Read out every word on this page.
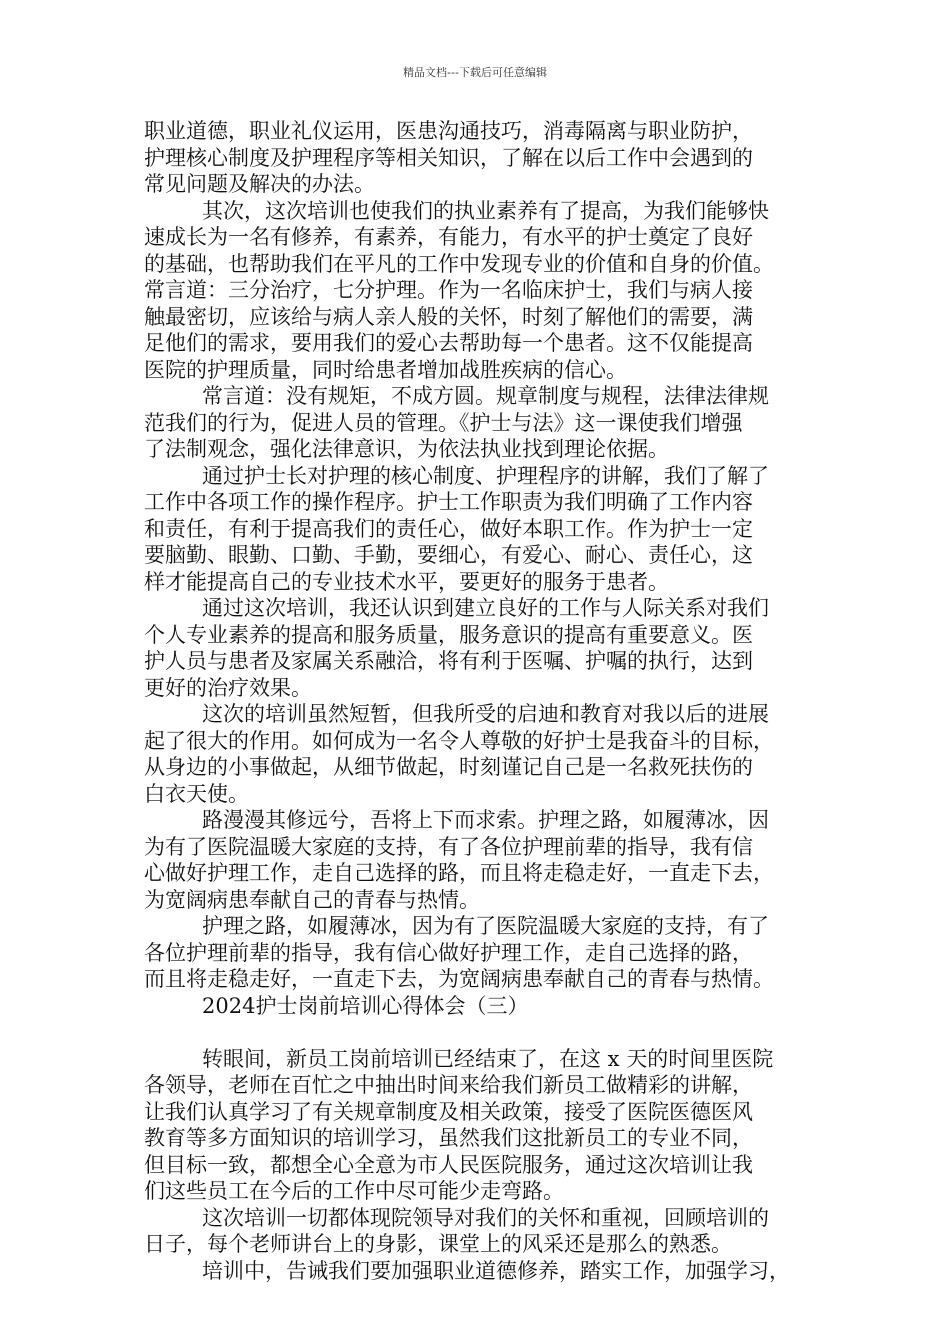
精品文档---下载后可任意编辑
职业道德，职业礼仪运用，医患沟通技巧，消毒隔离与职业防护，
护理核心制度及护理程序等相关知识，了解在以后工作中会遇到的
常见问题及解决的办法。
其次，这次培训也使我们的执业素养有了提高，为我们能够快
速成长为一名有修养，有素养，有能力，有水平的护士奠定了良好
的基础，也帮助我们在平凡的工作中发现专业的价值和自身的价值。
常言道：三分治疗，七分护理。作为一名临床护士，我们与病人接
触最密切，应该给与病人亲人般的关怀，时刻了解他们的需要，满
足他们的需求，要用我们的爱心去帮助每一个患者。这不仅能提高
医院的护理质量，同时给患者增加战胜疾病的信心。
常言道：没有规矩，不成方圆。规章制度与规程，法律法律规
范我们的行为，促进人员的管理。《护士与法》这一课使我们增强
了法制观念，强化法律意识，为依法执业找到理论依据。
通过护士长对护理的核心制度、护理程序的讲解，我们了解了
工作中各项工作的操作程序。护士工作职责为我们明确了工作内容
和责任，有利于提高我们的责任心，做好本职工作。作为护士一定
要脑勤、眼勤、口勤、手勤，要细心，有爱心、耐心、责任心，这
样才能提高自己的专业技术水平，要更好的服务于患者。
通过这次培训，我还认识到建立良好的工作与人际关系对我们
个人专业素养的提高和服务质量，服务意识的提高有重要意义。医
护人员与患者及家属关系融洽，将有利于医嘱、护嘱的执行，达到
更好的治疗效果。
这次的培训虽然短暂，但我所受的启迪和教育对我以后的进展
起了很大的作用。如何成为一名令人尊敬的好护士是我奋斗的目标，
从身边的小事做起，从细节做起，时刻谨记自己是一名救死扶伤的
白衣天使。
路漫漫其修远兮，吾将上下而求索。护理之路，如履薄冰，因
为有了医院温暖大家庭的支持，有了各位护理前辈的指导，我有信
心做好护理工作，走自己选择的路，而且将走稳走好，一直走下去，
为宽阔病患奉献自己的青春与热情。
护理之路，如履薄冰，因为有了医院温暖大家庭的支持，有了
各位护理前辈的指导，我有信心做好护理工作，走自己选择的路，
而且将走稳走好，一直走下去，为宽阔病患奉献自己的青春与热情。
2024护士岗前培训心得体会（三）
转眼间，新员工岗前培训已经结束了，在这 x 天的时间里医院
各领导，老师在百忙之中抽出时间来给我们新员工做精彩的讲解，
让我们认真学习了有关规章制度及相关政策，接受了医院医德医风
教育等多方面知识的培训学习，虽然我们这批新员工的专业不同，
但目标一致，都想全心全意为市人民医院服务，通过这次培训让我
们这些员工在今后的工作中尽可能少走弯路。
这次培训一切都体现院领导对我们的关怀和重视，回顾培训的
日子，每个老师讲台上的身影，课堂上的风采还是那么的熟悉。
培训中，告诫我们要加强职业道德修养，踏实工作，加强学习，
